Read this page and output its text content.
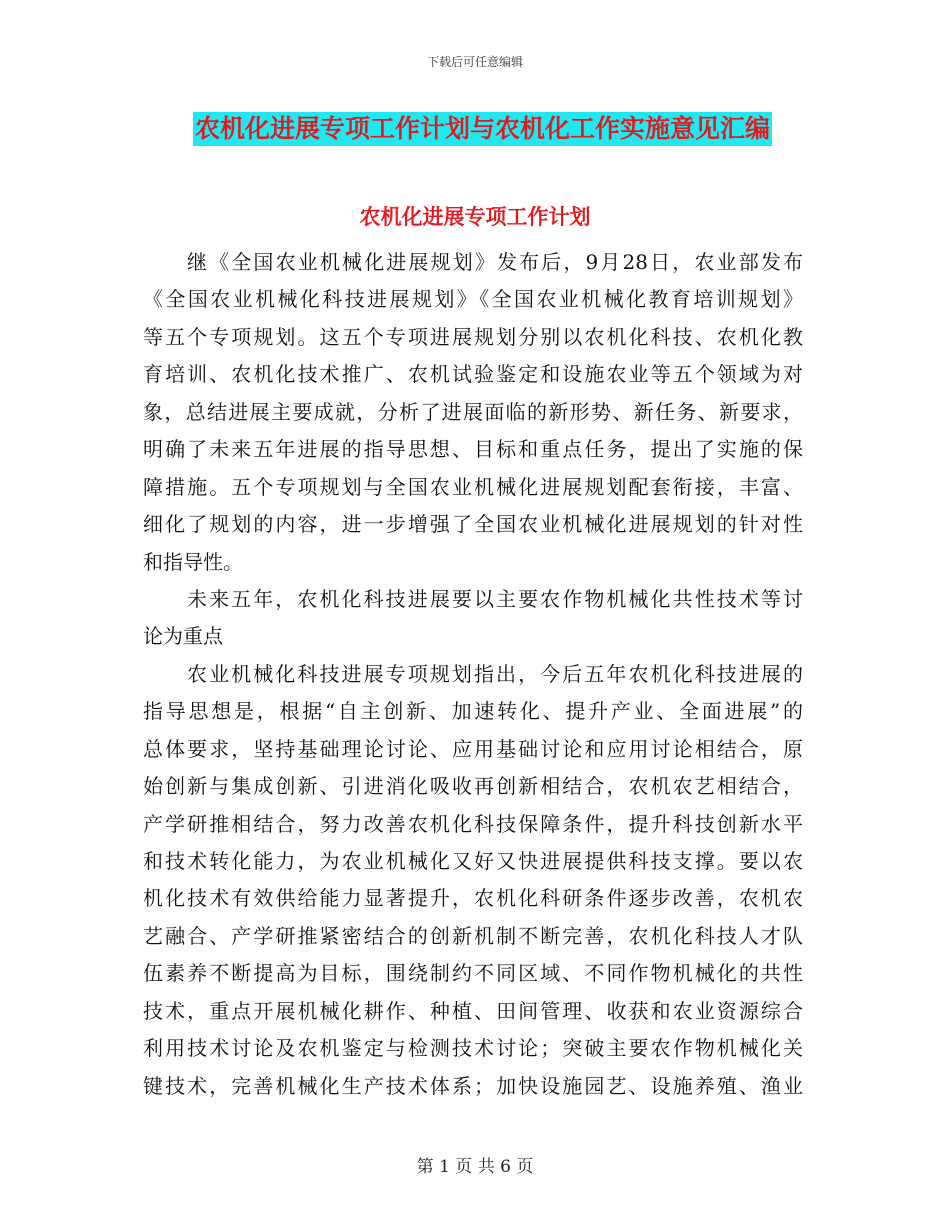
下载后可任意编辑
农机化进展专项工作计划与农机化工作实施意见汇编
农机化进展专项工作计划
继《全国农业机械化进展规划》发布后，9月28日，农业部发布
《全国农业机械化科技进展规划》《全国农业机械化教育培训规划》
等五个专项规划。这五个专项进展规划分别以农机化科技、农机化教
育培训、农机化技术推广、农机试验鉴定和设施农业等五个领域为对
象，总结进展主要成就，分析了进展面临的新形势、新任务、新要求，
明确了未来五年进展的指导思想、目标和重点任务，提出了实施的保
障措施。五个专项规划与全国农业机械化进展规划配套衔接，丰富、
细化了规划的内容，进一步增强了全国农业机械化进展规划的针对性
和指导性。
未来五年，农机化科技进展要以主要农作物机械化共性技术等讨
论为重点
农业机械化科技进展专项规划指出，今后五年农机化科技进展的
指导思想是，根据“自主创新、加速转化、提升产业、全面进展”的
总体要求，坚持基础理论讨论、应用基础讨论和应用讨论相结合，原
始创新与集成创新、引进消化吸收再创新相结合，农机农艺相结合，
产学研推相结合，努力改善农机化科技保障条件，提升科技创新水平
和技术转化能力，为农业机械化又好又快进展提供科技支撑。要以农
机化技术有效供给能力显著提升，农机化科研条件逐步改善，农机农
艺融合、产学研推紧密结合的创新机制不断完善，农机化科技人才队
伍素养不断提高为目标，围绕制约不同区域、不同作物机械化的共性
技术，重点开展机械化耕作、种植、田间管理、收获和农业资源综合
利用技术讨论及农机鉴定与检测技术讨论；突破主要农作物机械化关
键技术，完善机械化生产技术体系；加快设施园艺、设施养殖、渔业
第 1 页 共 6 页
